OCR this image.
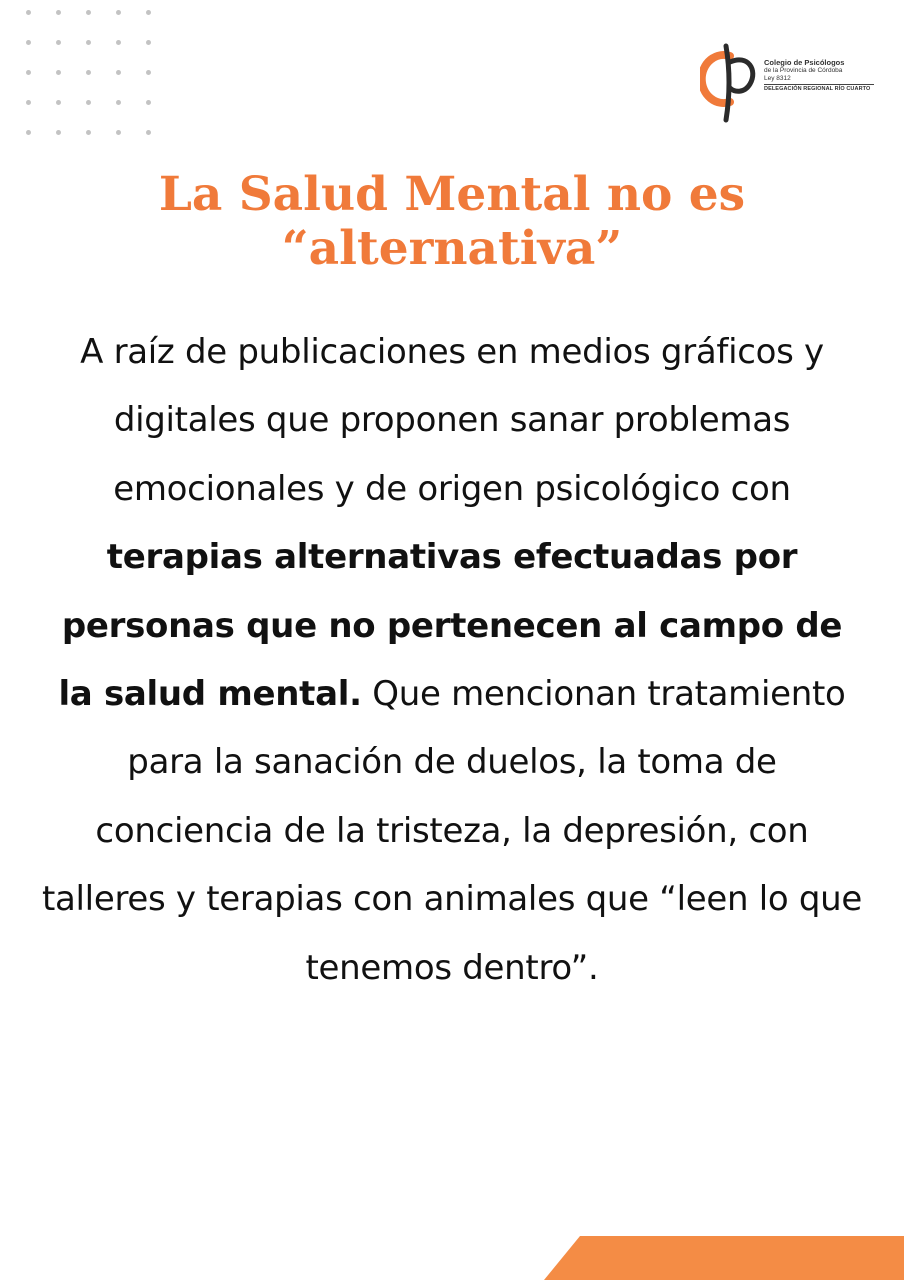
Colegio de Psicólogos
de la Provincia de Córdoba
Ley 8312
DELEGACIÓN REGIONAL RÍO CUARTO
La Salud Mental no es
“alternativa”

A raíz de publicaciones en medios gráficos y digitales que proponen sanar problemas emocionales y de origen psicológico con terapias alternativas efectuadas por personas que no pertenecen al campo de la salud mental. Que mencionan tratamiento para la sanación de duelos, la toma de conciencia de la tristeza, la depresión, con talleres y terapias con animales que “leen lo que tenemos dentro”.
